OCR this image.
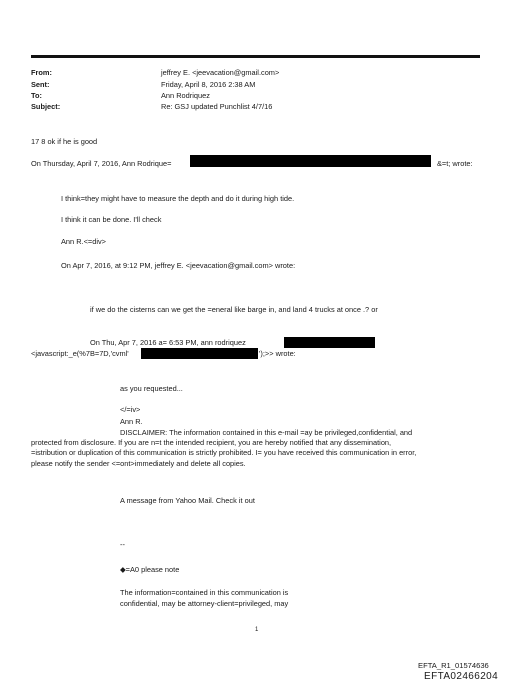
From:	jeffrey E. <jeevacation@gmail.com>
Sent:	Friday, April 8, 2016 2:38 AM
To:	Ann Rodriquez
Subject:	Re: GSJ updated Punchlist 4/7/16
17 8 ok if he is good
On Thursday, April 7, 2016, Ann Rodrique=	&=t; wrote:
I think=they might have to measure the depth and do it during high tide.
I think it can be done. I'll check
Ann R.<=div>
On Apr 7, 2016, at 9:12 PM, jeffrey E. <jeevacation@gmail.com> wrote:
if we do the cisterns can we get the =eneral like barge in, and land 4 trucks at once .? or
On Thu, Apr 7, 2016 a= 6:53 PM, ann rodriquez
<javascript:_e(%7B=7D,'cvml'	');>> wrote:
as you requested...
</=iv>
Ann R.
DISCLAIMER: The information contained in this e-mail =ay be privileged,confidential, and
protected from disclosure. If you are n=t the intended recipient, you are hereby notified that any dissemination,
=istribution or duplication of this communication is strictly prohibited. I= you have received this communication in error,
please notify the sender <=ont>immediately and delete all copies.
A message from Yahoo Mail. Check it out
--
◆=A0 please note
The information=contained in this communication is
confidential, may be attorney-client=privileged, may
1
EFTA_R1_01574636
EFTA02466204
